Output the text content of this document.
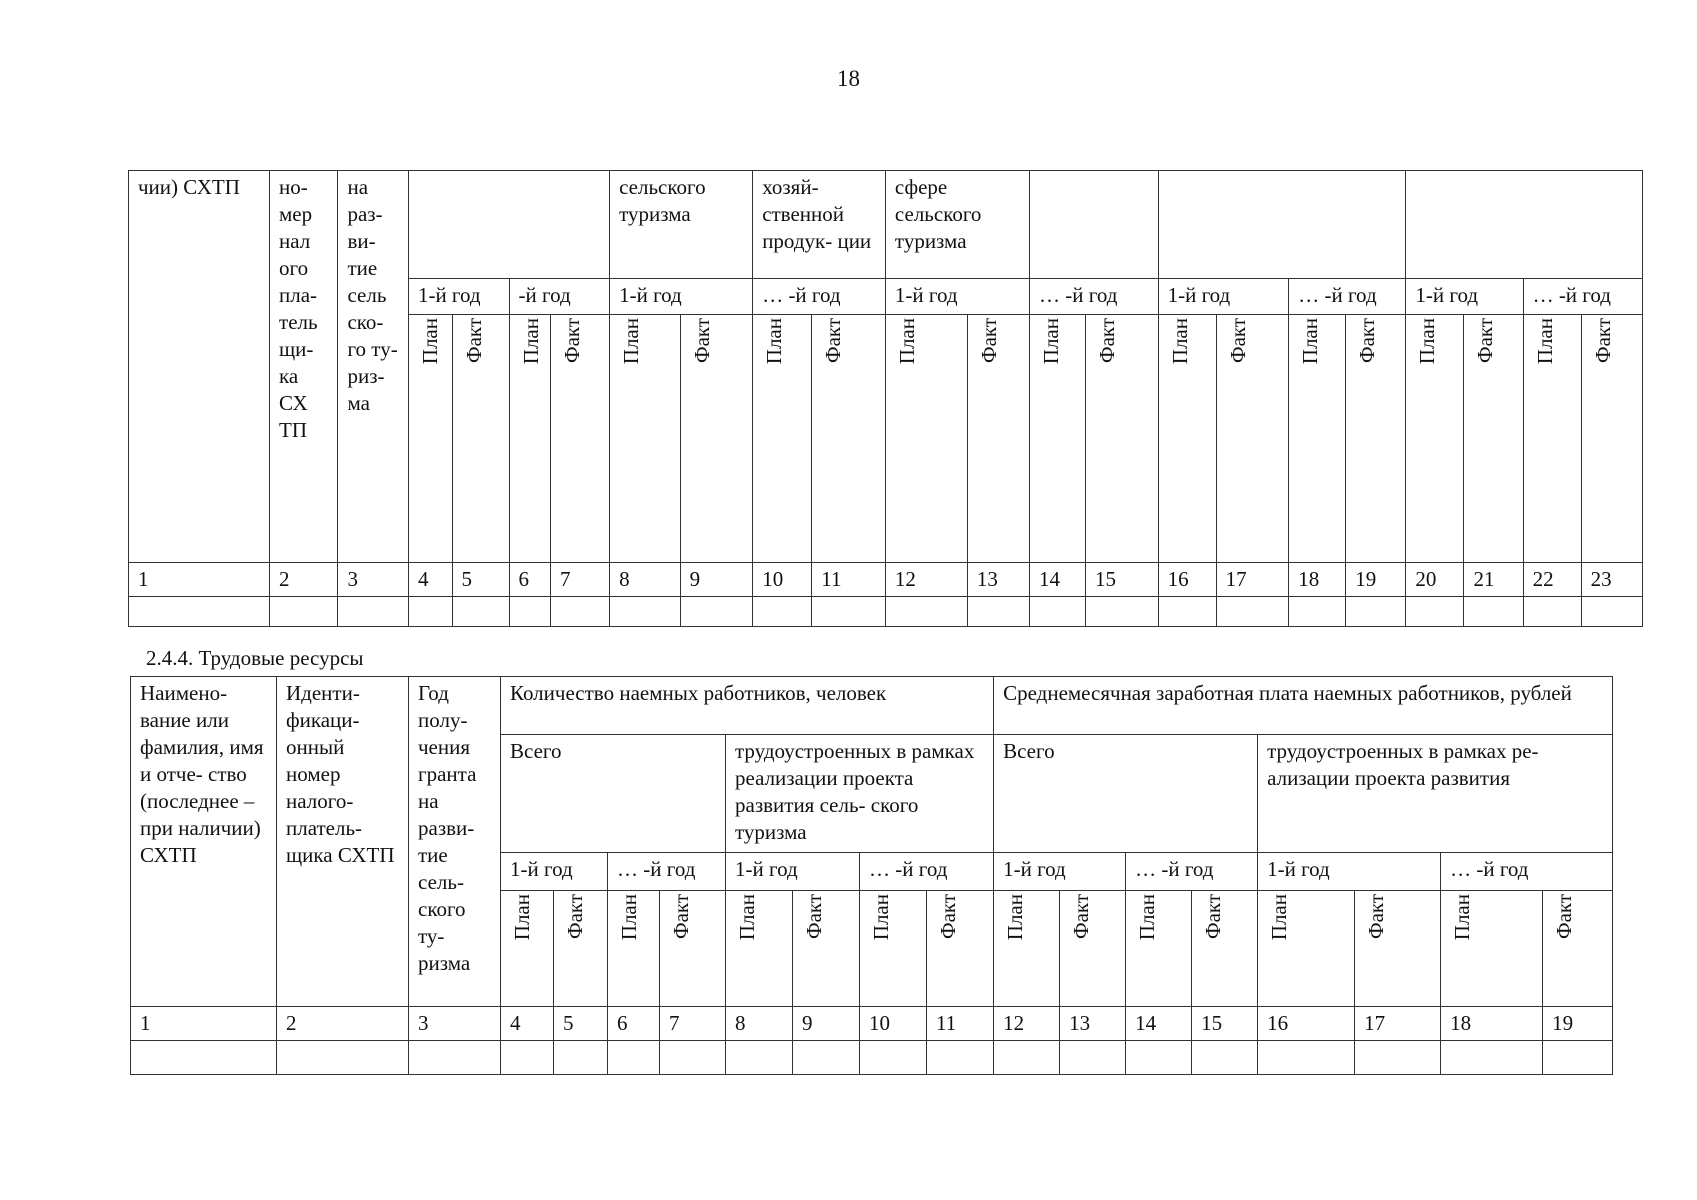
18
чии) СХТП	но- мер нал ого пла- тель щи- ка СХ ТП	на раз- ви- тие сель ско- го ту- риз- ма					сельского туризма		хозяй- ственной продук- ции		сфере сельского туризма											
			1-й год		-й год		1-й год		… -й год		1-й год		… -й год		1-й год		… -й год		1-й год		… -й год	
			План	Факт	План	Факт	План	Факт	План	Факт	План	Факт	План	Факт	План	Факт	План	Факт	План	Факт	План	Факт
1	2	3	4	5	6	7	8	9	10	11	12	13	14	15	16	17	18	19	20	21	22	23

2.4.4. Трудовые ресурсы
Наимено- вание или фамилия, имя и отче- ство (последнее – при наличии) СХТП	Иденти- фикаци- онный номер налого- платель- щика СХТП	Год полу- чения гранта на разви- тие сель- ского ту- ризма	Количество наемных работников, человек								Среднемесячная заработная плата наемных работников, рублей							
			Всего				трудоустроенных в рамках реализации проекта развития сель- ского туризма				Всего				трудоустроенных в рамках ре- ализации проекта развития			
			1-й год		… -й год		1-й год		… -й год		1-й год		… -й год		1-й год		… -й год	
			План	Факт	План	Факт	План	Факт	План	Факт	План	Факт	План	Факт	План	Факт	План	Факт
1	2	3	4	5	6	7	8	9	10	11	12	13	14	15	16	17	18	19
